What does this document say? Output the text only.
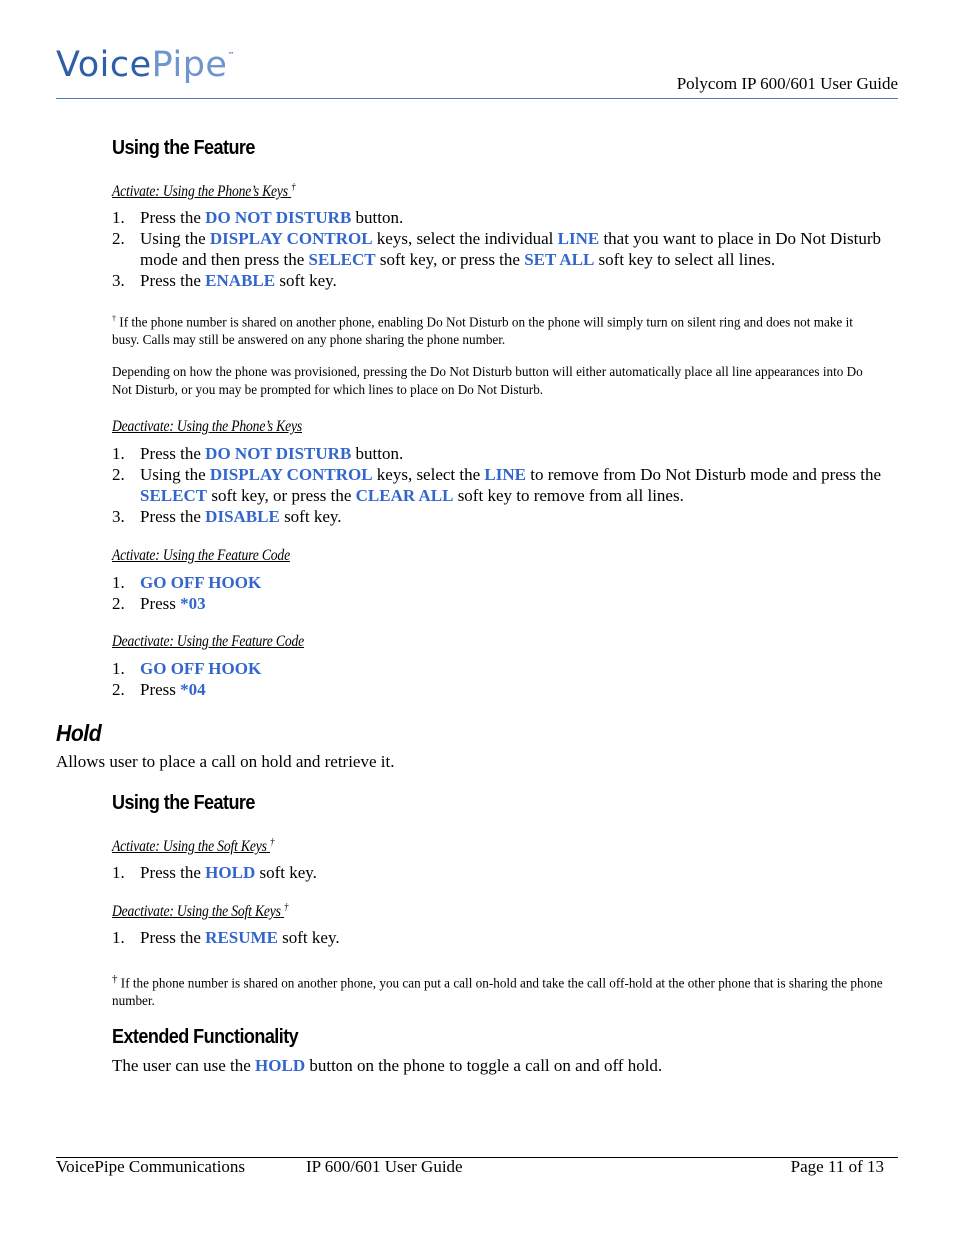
VoicePipe™
Polycom IP 600/601 User Guide
Using the Feature
Activate: Using the Phone’s Keys †
1. Press the DO NOT DISTURB button.
2. Using the DISPLAY CONTROL keys, select the individual LINE that you want to place in Do Not Disturb mode and then press the SELECT soft key, or press the SET ALL soft key to select all lines.
3. Press the ENABLE soft key.
† If the phone number is shared on another phone, enabling Do Not Disturb on the phone will simply turn on silent ring and does not make it busy. Calls may still be answered on any phone sharing the phone number.
Depending on how the phone was provisioned, pressing the Do Not Disturb button will either automatically place all line appearances into Do Not Disturb, or you may be prompted for which lines to place on Do Not Disturb.
Deactivate: Using the Phone’s Keys
1. Press the DO NOT DISTURB button.
2. Using the DISPLAY CONTROL keys, select the LINE to remove from Do Not Disturb mode and press the SELECT soft key, or press the CLEAR ALL soft key to remove from all lines.
3. Press the DISABLE soft key.
Activate: Using the Feature Code
1. GO OFF HOOK
2. Press *03
Deactivate: Using the Feature Code
1. GO OFF HOOK
2. Press *04
Hold
Allows user to place a call on hold and retrieve it.
Using the Feature
Activate: Using the Soft Keys †
1. Press the HOLD soft key.
Deactivate: Using the Soft Keys †
1. Press the RESUME soft key.
† If the phone number is shared on another phone, you can put a call on-hold and take the call off-hold at the other phone that is sharing the phone number.
Extended Functionality
The user can use the HOLD button on the phone to toggle a call on and off hold.
VoicePipe Communications	IP 600/601 User Guide	Page 11 of 13
